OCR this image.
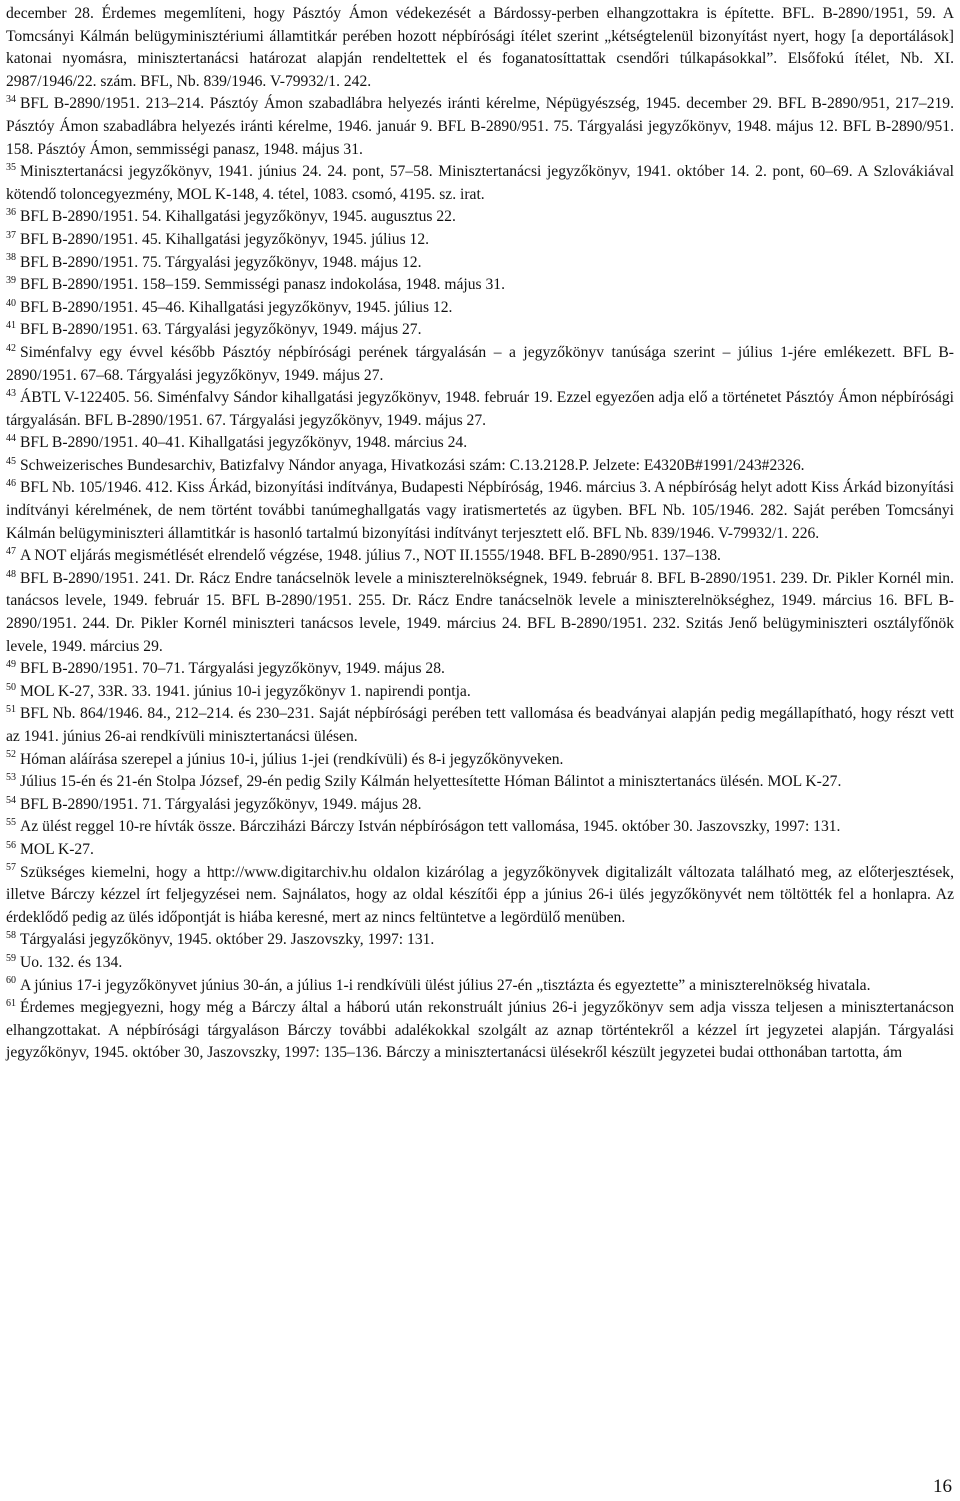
december 28. Érdemes megemlíteni, hogy Pásztóy Ámon védekezését a Bárdossy-perben elhangzottakra is építette. BFL. B-2890/1951, 59. A Tomcsányi Kálmán belügyminisztériumi államtitkár perében hozott népbírósági ítélet szerint „kétségtelenül bizonyítást nyert, hogy [a deportálások] katonai nyomásra, minisztertanácsi határozat alapján rendeltettek el és foganatosíttattak csendőri túlkapásokkal”. Elsőfokú ítélet, Nb. XI. 2987/1946/22. szám. BFL, Nb. 839/1946. V-79932/1. 242.

$^{34}$ BFL B-2890/1951. 213–214. Pásztóy Ámon szabadlábra helyezés iránti kérelme, Népügyészség, 1945. december 29. BFL B-2890/951, 217–219. Pásztóy Ámon szabadlábra helyezés iránti kérelme, 1946. január 9. BFL B-2890/951. 75. Tárgyalási jegyzőkönyv, 1948. május 12. BFL B-2890/951. 158. Pásztóy Ámon, semmisségi panasz, 1948. május 31.

$^{35}$ Minisztertanácsi jegyzőkönyv, 1941. június 24. 24. pont, 57–58. Minisztertanácsi jegyzőkönyv, 1941. október 14. 2. pont, 60–69. A Szlovákiával kötendő toloncegyezmény, MOL K-148, 4. tétel, 1083. csomó, 4195. sz. irat.

$^{36}$ BFL B-2890/1951. 54. Kihallgatási jegyzőkönyv, 1945. augusztus 22.

$^{37}$ BFL B-2890/1951. 45. Kihallgatási jegyzőkönyv, 1945. július 12.

$^{38}$ BFL B-2890/1951. 75. Tárgyalási jegyzőkönyv, 1948. május 12.

$^{39}$ BFL B-2890/1951. 158–159. Semmisségi panasz indokolása, 1948. május 31.

$^{40}$ BFL B-2890/1951. 45–46. Kihallgatási jegyzőkönyv, 1945. július 12.

$^{41}$ BFL B-2890/1951. 63. Tárgyalási jegyzőkönyv, 1949. május 27.

$^{42}$ Siménfalvy egy évvel később Pásztóy népbírósági perének tárgyalásán – a jegyzőkönyv tanúsága szerint – július 1-jére emlékezett. BFL B-2890/1951. 67–68. Tárgyalási jegyzőkönyv, 1949. május 27.

$^{43}$ ÁBTL V-122405. 56. Siménfalvy Sándor kihallgatási jegyzőkönyv, 1948. február 19. Ezzel egyezően adja elő a történetet Pásztóy Ámon népbírósági tárgyalásán. BFL B-2890/1951. 67. Tárgyalási jegyzőkönyv, 1949. május 27.

$^{44}$ BFL B-2890/1951. 40–41. Kihallgatási jegyzőkönyv, 1948. március 24.

$^{45}$ Schweizerisches Bundesarchiv, Batizfalvy Nándor anyaga, Hivatkozási szám: C.13.2128.P. Jelzete: E4320B#1991/243#2326.

$^{46}$ BFL Nb. 105/1946. 412. Kiss Árkád, bizonyítási indítványa, Budapesti Népbíróság, 1946. március 3. A népbíróság helyt adott Kiss Árkád bizonyítási indítványi kérelmének, de nem történt további tanúmeghallgatás vagy iratismertetés az ügyben. BFL Nb. 105/1946. 282. Saját perében Tomcsányi Kálmán belügyminiszteri államtitkár is hasonló tartalmú bizonyítási indítványt terjesztett elő. BFL Nb. 839/1946. V-79932/1. 226.

$^{47}$ A NOT eljárás megismétlését elrendelő végzése, 1948. július 7., NOT II.1555/1948. BFL B-2890/951. 137–138.

$^{48}$ BFL B-2890/1951. 241. Dr. Rácz Endre tanácselnök levele a miniszterelnökségnek, 1949. február 8. BFL B-2890/1951. 239. Dr. Pikler Kornél min. tanácsos levele, 1949. február 15. BFL B-2890/1951. 255. Dr. Rácz Endre tanácselnök levele a miniszterelnökséghez, 1949. március 16. BFL B-2890/1951. 244. Dr. Pikler Kornél miniszteri tanácsos levele, 1949. március 24. BFL B-2890/1951. 232. Szitás Jenő belügyminiszteri osztályfőnök levele, 1949. március 29.

$^{49}$ BFL B-2890/1951. 70–71. Tárgyalási jegyzőkönyv, 1949. május 28.

$^{50}$ MOL K-27, 33R. 33. 1941. június 10-i jegyzőkönyv 1. napirendi pontja.

$^{51}$ BFL Nb. 864/1946. 84., 212–214. és 230–231. Saját népbírósági perében tett vallomása és beadványai alapján pedig megállapítható, hogy részt vett az 1941. június 26-ai rendkívüli minisztertanácsi ülésen.

$^{52}$ Hóman aláírása szerepel a június 10-i, július 1-jei (rendkívüli) és 8-i jegyzőkönyveken.

$^{53}$ Július 15-én és 21-én Stolpa József, 29-én pedig Szily Kálmán helyettesítette Hóman Bálintot a minisztertanács ülésén. MOL K-27.

$^{54}$ BFL B-2890/1951. 71. Tárgyalási jegyzőkönyv, 1949. május 28.

$^{55}$ Az ülést reggel 10-re hívták össze. Bárcziházi Bárczy István népbíróságon tett vallomása, 1945. október 30. Jaszovszky, 1997: 131.

$^{56}$ MOL K-27.

$^{57}$ Szükséges kiemelni, hogy a http://www.digitarchiv.hu oldalon kizárólag a jegyzőkönyvek digitalizált változata található meg, az előterjesztések, illetve Bárczy kézzel írt feljegyzései nem. Sajnálatos, hogy az oldal készítői épp a június 26-i ülés jegyzőkönyvét nem töltötték fel a honlapra. Az érdeklődő pedig az ülés időpontját is hiába keresné, mert az nincs feltüntetve a legördülő menüben.

$^{58}$ Tárgyalási jegyzőkönyv, 1945. október 29. Jaszovszky, 1997: 131.

$^{59}$ Uo. 132. és 134.

$^{60}$ A június 17-i jegyzőkönyvet június 30-án, a július 1-i rendkívüli ülést július 27-én „tisztázta és egyeztette” a miniszterelnökség hivatala.

$^{61}$ Érdemes megjegyezni, hogy még a Bárczy által a háború után rekonstruált június 26-i jegyzőkönyv sem adja vissza teljesen a minisztertanácson elhangzottakat. A népbírósági tárgyaláson Bárczy további adalékokkal szolgált az aznap történtekről a kézzel írt jegyzetei alapján. Tárgyalási jegyzőkönyv, 1945. október 30, Jaszovszky, 1997: 135–136. Bárczy a minisztertanácsi ülésekről készült jegyzetei budai otthonában tartotta, ám

16
